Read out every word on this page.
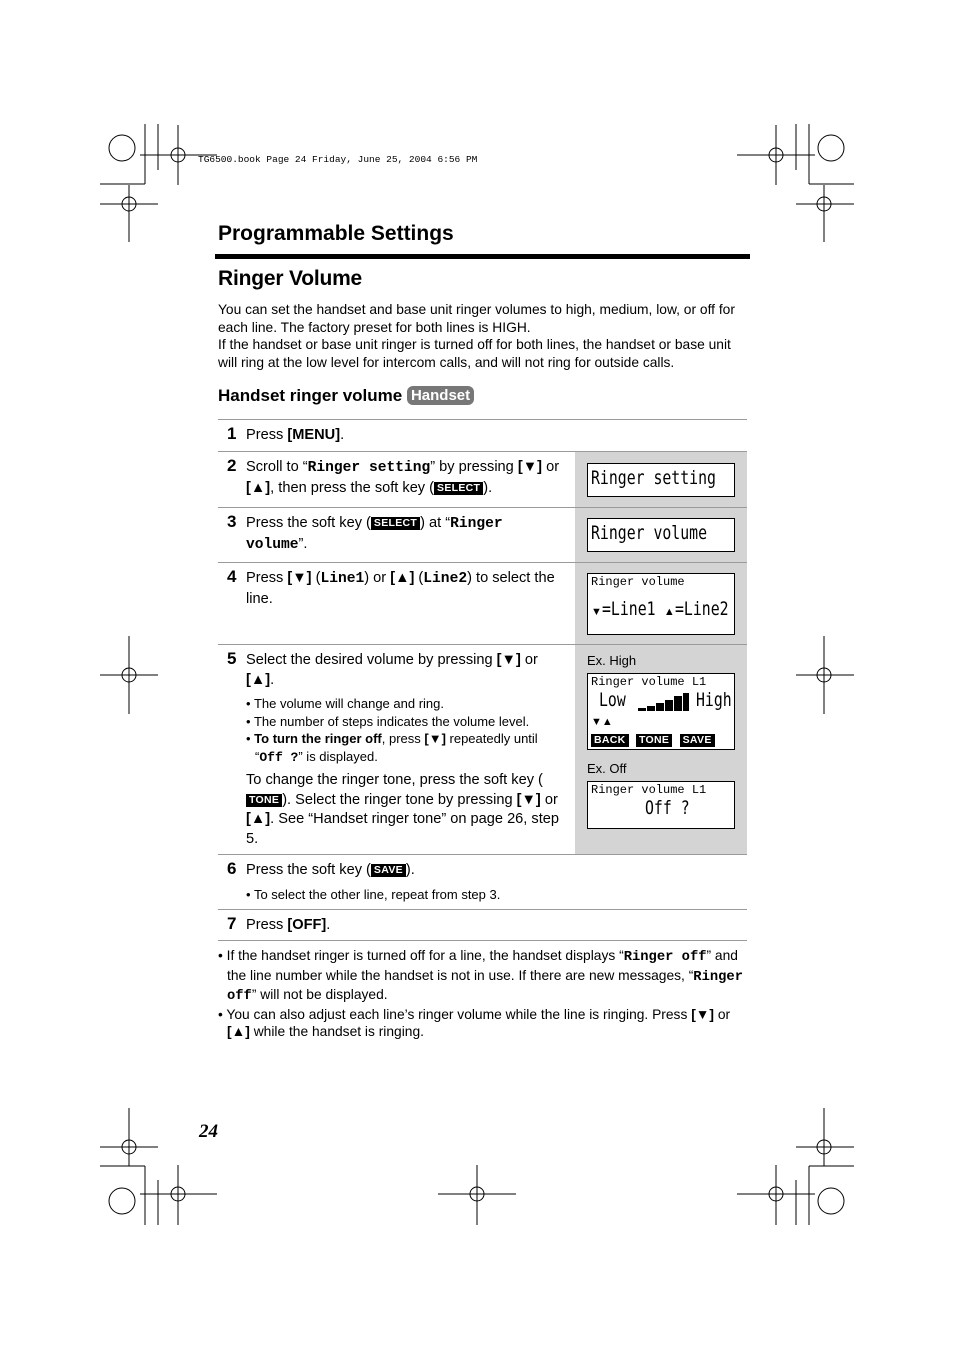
TG6500.book Page 24 Friday, June 25, 2004 6:56 PM
Programmable Settings
Ringer Volume

You can set the handset and base unit ringer volumes to high, medium, low, or off for each line. The factory preset for both lines is HIGH.

If the handset or base unit ringer is turned off for both lines, the handset or base unit will ring at the low level for intercom calls, and will not ring for outside calls.

Handset ringer volume Handset
1 Press [MENU].
Ringer setting
2 Scroll to “Ringer setting” by pressing [▼] or [▲], then press the soft key ( SELECT ).
Ringer volume
3 Press the soft key ( SELECT ) at “Ringer volume”.
Ringer volume
▼=Line1 ▲=Line2
4 Press [▼] (Line1) or [▲] (Line2) to select the line.
Ex. High
Ringer volume L1
Low	High
▼▲
BACK TONE SAVE
Ex. Off
Ringer volume L1
Off ?
5 Select the desired volume by pressing [▼] or [▲].

• The volume will change and ring.
• The number of steps indicates the volume level.
• To turn the ringer off, press [▼] repeatedly until “Off ?” is displayed.

To change the ringer tone, press the soft key (TONE ). Select the ringer tone by pressing [▼] or [▲]. See “Handset ringer tone” on page 26, step 5.

6 Press the soft key ( SAVE ).

• To select the other line, repeat from step 3.
7 Press [OFF].
• If the handset ringer is turned off for a line, the handset displays “Ringer off” and the line number while the handset is not in use. If there are new messages, “Ringer off” will not be displayed.
• You can also adjust each line’s ringer volume while the line is ringing. Press [▼] or [▲] while the handset is ringing.
24
